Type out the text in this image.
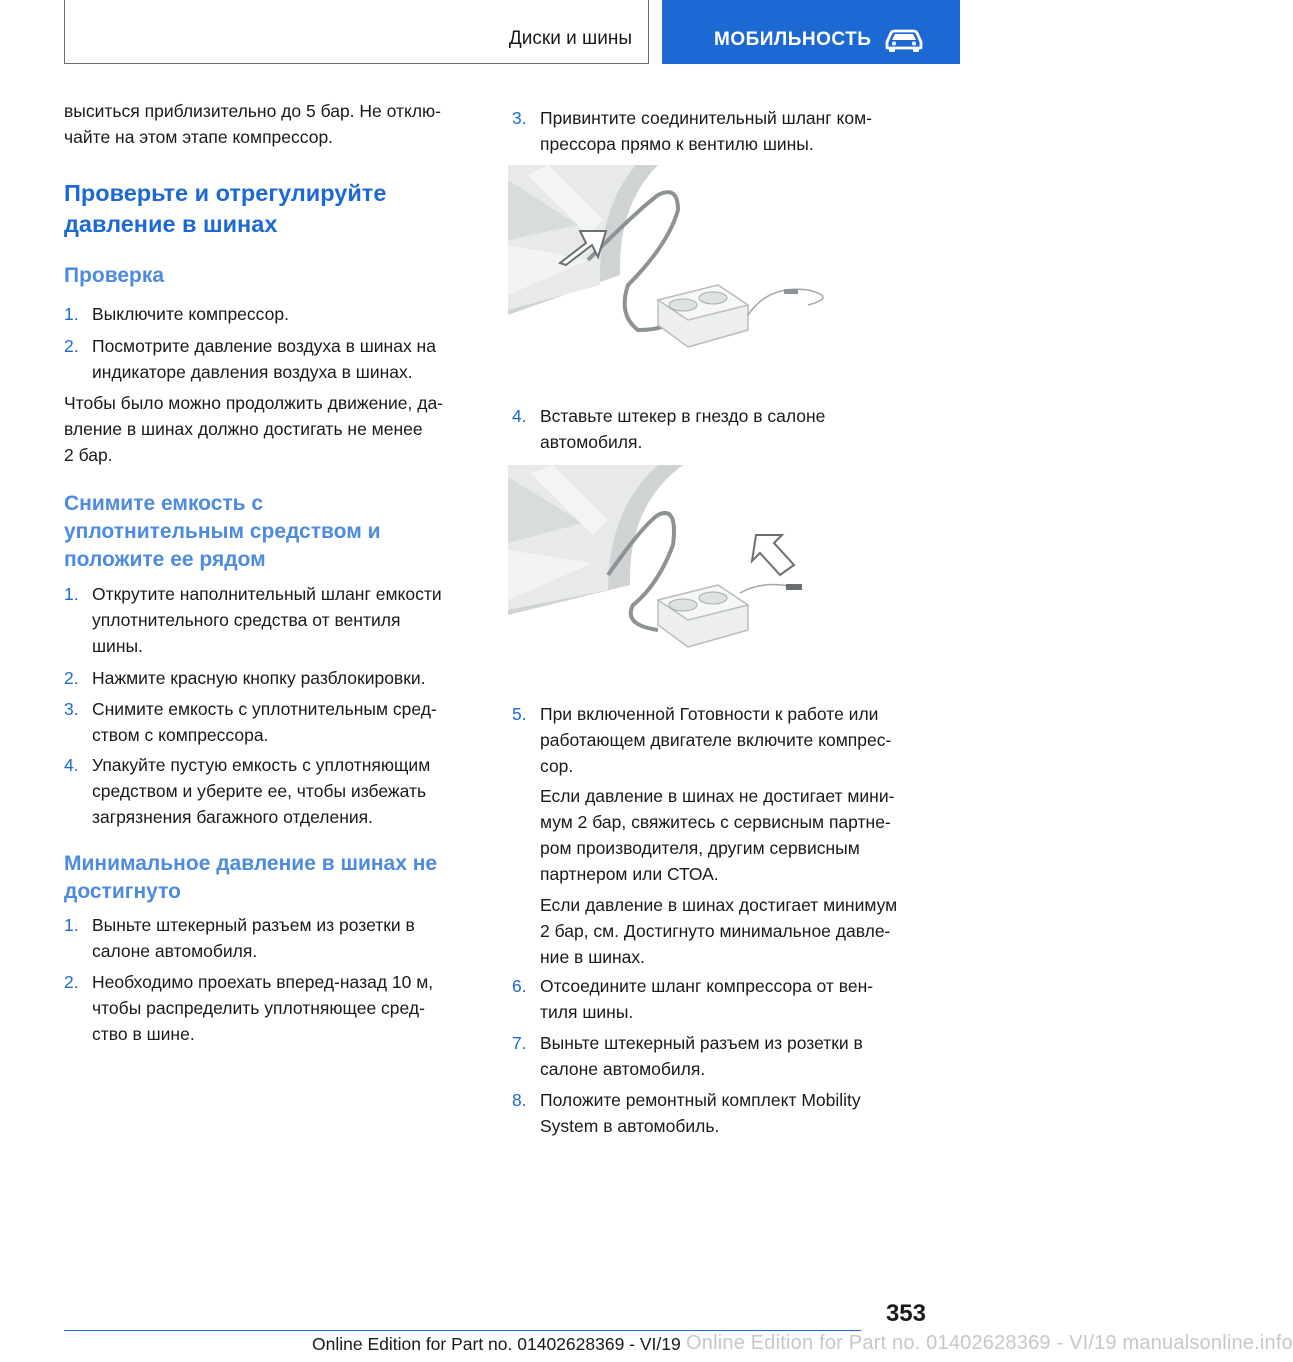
Диски и шины	МОБИЛЬНОСТЬ

выситься приблизительно до 5 бар. Не отклю-
чайте на этом этапе компрессор.

Проверьте и отрегулируйте
давление в шинах
Проверка
1. Выключите компрессор.
2. Посмотрите давление воздуха в шинах на
индикаторе давления воздуха в шинах.

Чтобы было можно продолжить движение, да-
вление в шинах должно достигать не менее
2 бар.

Снимите емкость с
уплотнительным средством и
положите ее рядом
1. Открутите наполнительный шланг емкости
уплотнительного средства от вентиля
шины.
2. Нажмите красную кнопку разблокировки.
3. Снимите емкость с уплотнительным сред-
ством с компрессора.
4. Упакуйте пустую емкость с уплотняющим
средством и уберите ее, чтобы избежать
загрязнения багажного отделения.
Минимальное давление в шинах не
достигнуто
1. Выньте штекерный разъем из розетки в
салоне автомобиля.
2. Необходимо проехать вперед-назад 10 м,
чтобы распределить уплотняющее сред-
ство в шине.
3. Привинтите соединительный шланг ком-
прессора прямо к вентилю шины.
4. Вставьте штекер в гнездо в салоне
автомобиля.
5. При включенной Готовности к работе или
работающем двигателе включите компрес-
сор.
Если давление в шинах не достигает мини-
мум 2 бар, свяжитесь с сервисным партне-
ром производителя, другим сервисным
партнером или СТОА.
Если давление в шинах достигает минимум
2 бар, см. Достигнуто минимальное давле-
ние в шинах.
6. Отсоедините шланг компрессора от вен-
тиля шины.
7. Выньте штекерный разъем из розетки в
салоне автомобиля.
8. Положите ремонтный комплект Mobility
System в автомобиль.
353
Online Edition for Part no. 01402628369 - VI/19 manualsonline.info
Online Edition for Part no. 01402628369 - VI/19
